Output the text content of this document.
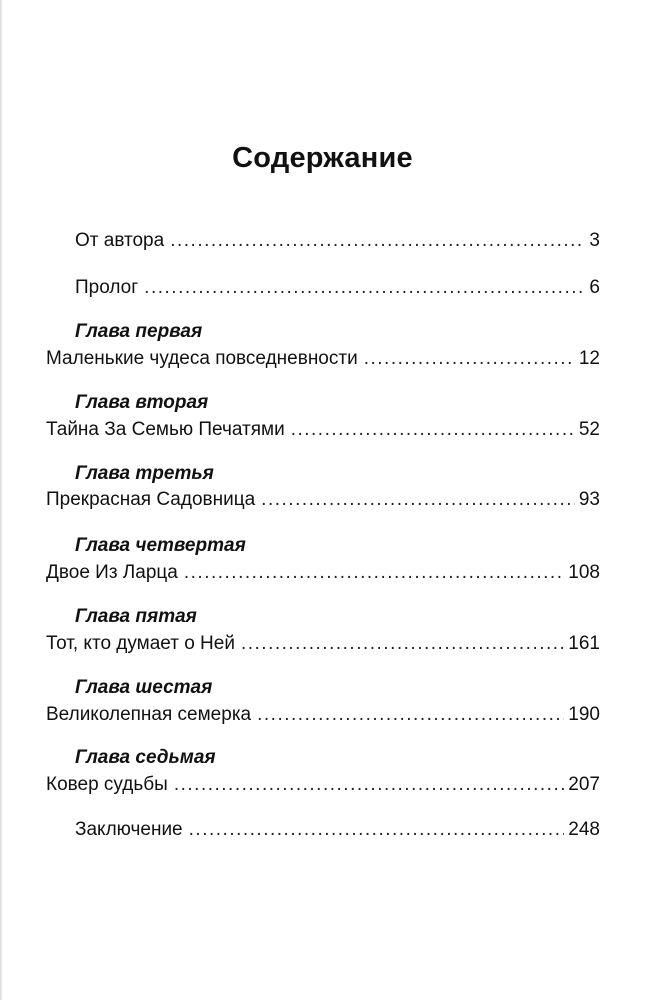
Содержание
От автора .....	3
Пролог .....	6
Глава первая
Маленькие чудеса повседневности .....	12
Глава вторая
Тайна За Семью Печатями .....	52
Глава третья
Прекрасная Садовница .....	93
Глава четвертая
Двое Из Ларца .....	108
Глава пятая
Тот, кто думает о Ней .....	161
Глава шестая
Великолепная семерка .....	190
Глава седьмая
Ковер судьбы .....	207
Заключение .....	248
